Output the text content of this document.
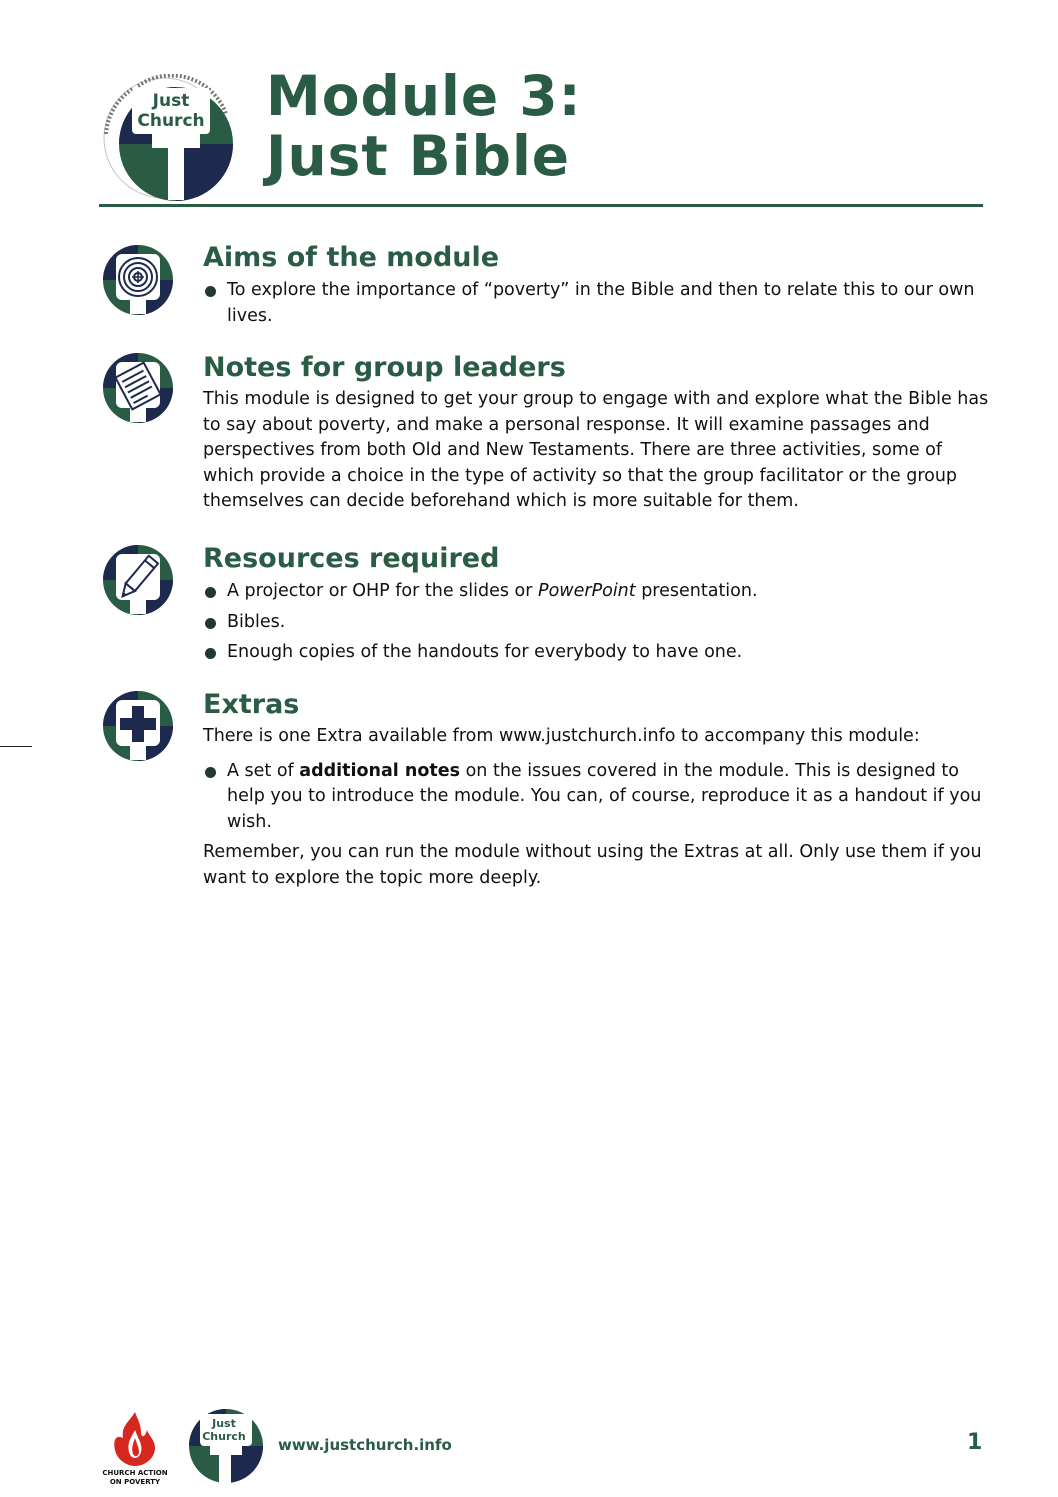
Just
Church Module 3:
Just Bible
Aims of the module
To explore the importance of “poverty” in the Bible and then to relate this to our own lives.
Notes for group leaders

This module is designed to get your group to engage with and explore what the Bible has to say about poverty, and make a personal response. It will examine passages and perspectives from both Old and New Testaments. There are three activities, some of which provide a choice in the type of activity so that the group facilitator or the group themselves can decide beforehand which is more suitable for them.

Resources required
A projector or OHP for the slides or PowerPoint presentation.
Bibles.
Enough copies of the handouts for everybody to have one.
Extras

There is one Extra available from www.justchurch.info to accompany this module:

A set of additional notes on the issues covered in the module. This is designed to help you to introduce the module. You can, of course, reproduce it as a handout if you wish.

Remember, you can run the module without using the Extras at all. Only use them if you want to explore the topic more deeply.

CHURCH ACTION
ON POVERTY
Just
Church www.justchurch.info	1
